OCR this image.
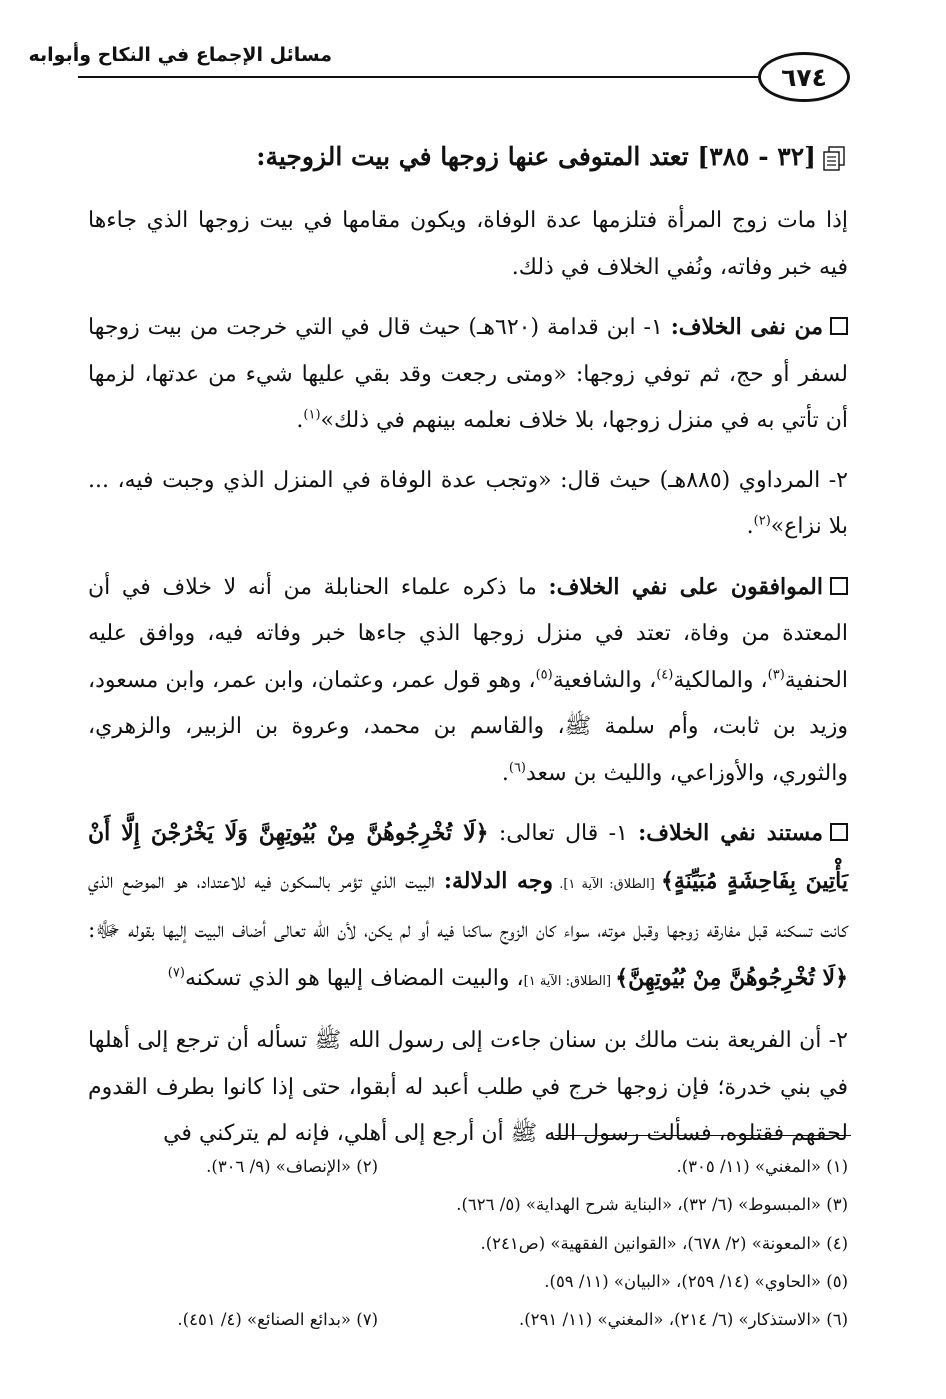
مسائل الإجماع في النكاح وأبوابه
٦٧٤
[٣٢ - ٣٨٥] تعتد المتوفى عنها زوجها في بيت الزوجية:

إذا مات زوج المرأة فتلزمها عدة الوفاة، ويكون مقامها في بيت زوجها الذي جاءها فيه خبر وفاته، ونُفي الخلاف في ذلك.

من نفى الخلاف: ١- ابن قدامة (٦٢٠هـ) حيث قال في التي خرجت من بيت زوجها لسفر أو حج، ثم توفي زوجها: «ومتى رجعت وقد بقي عليها شيء من عدتها، لزمها أن تأتي به في منزل زوجها، بلا خلاف نعلمه بينهم في ذلك»$^{(١)}$.

٢- المرداوي (٨٨٥هـ) حيث قال: «وتجب عدة الوفاة في المنزل الذي وجبت فيه، ... بلا نزاع»$^{(٢)}$.

الموافقون على نفي الخلاف: ما ذكره علماء الحنابلة من أنه لا خلاف في أن المعتدة من وفاة، تعتد في منزل زوجها الذي جاءها خبر وفاته فيه، ووافق عليه الحنفية$^{(٣)}$، والمالكية$^{(٤)}$، والشافعية$^{(٥)}$، وهو قول عمر، وعثمان، وابن عمر، وابن مسعود، وزيد بن ثابت، وأم سلمة ﷺ، والقاسم بن محمد، وعروة بن الزبير، والزهري، والثوري، والأوزاعي، والليث بن سعد$^{(٦)}$.

مستند نفي الخلاف: ١- قال تعالى: ﴿لَا تُخْرِجُوهُنَّ مِنْ بُيُوتِهِنَّ وَلَا يَخْرُجْنَ إِلَّا أَنْ يَأْتِينَ بِفَاحِشَةٍ مُبَيِّنَةٍ﴾ [الطلاق: الآية ١]. وجه الدلالة: البيت الذي تؤمر بالسكون فيه للاعتداد، هو الموضع الذي كانت تسكنه قبل مفارقه زوجها وقبل موته، سواء كان الزوج ساكنا فيه أو لم يكن، لأن الله تعالى أضاف البيت إليها بقوله ﷻ: ﴿لَا تُخْرِجُوهُنَّ مِنْ بُيُوتِهِنَّ﴾ [الطلاق: الآية ١]، والبيت المضاف إليها هو الذي تسكنه$^{(٧)}$

٢- أن الفريعة بنت مالك بن سنان جاءت إلى رسول الله ﷺ تسأله أن ترجع إلى أهلها في بني خدرة؛ فإن زوجها خرج في طلب أعبد له أبقوا، حتى إذا كانوا بطرف القدوم لحقهم فقتلوه، فسألت رسول الله ﷺ أن أرجع إلى أهلي، فإنه لم يتركني في

(١) «المغني» (١١/ ٣٠٥).
(٢) «الإنصاف» (٩/ ٣٠٦).
(٣) «المبسوط» (٦/ ٣٢)، «البناية شرح الهداية» (٥/ ٦٢٦).
(٤) «المعونة» (٢/ ٦٧٨)، «القوانين الفقهية» (ص٢٤١).
(٥) «الحاوي» (١٤/ ٢٥٩)، «البيان» (١١/ ٥٩).
(٦) «الاستذكار» (٦/ ٢١٤)، «المغني» (١١/ ٢٩١).
(٧) «بدائع الصنائع» (٤/ ٤٥١).
